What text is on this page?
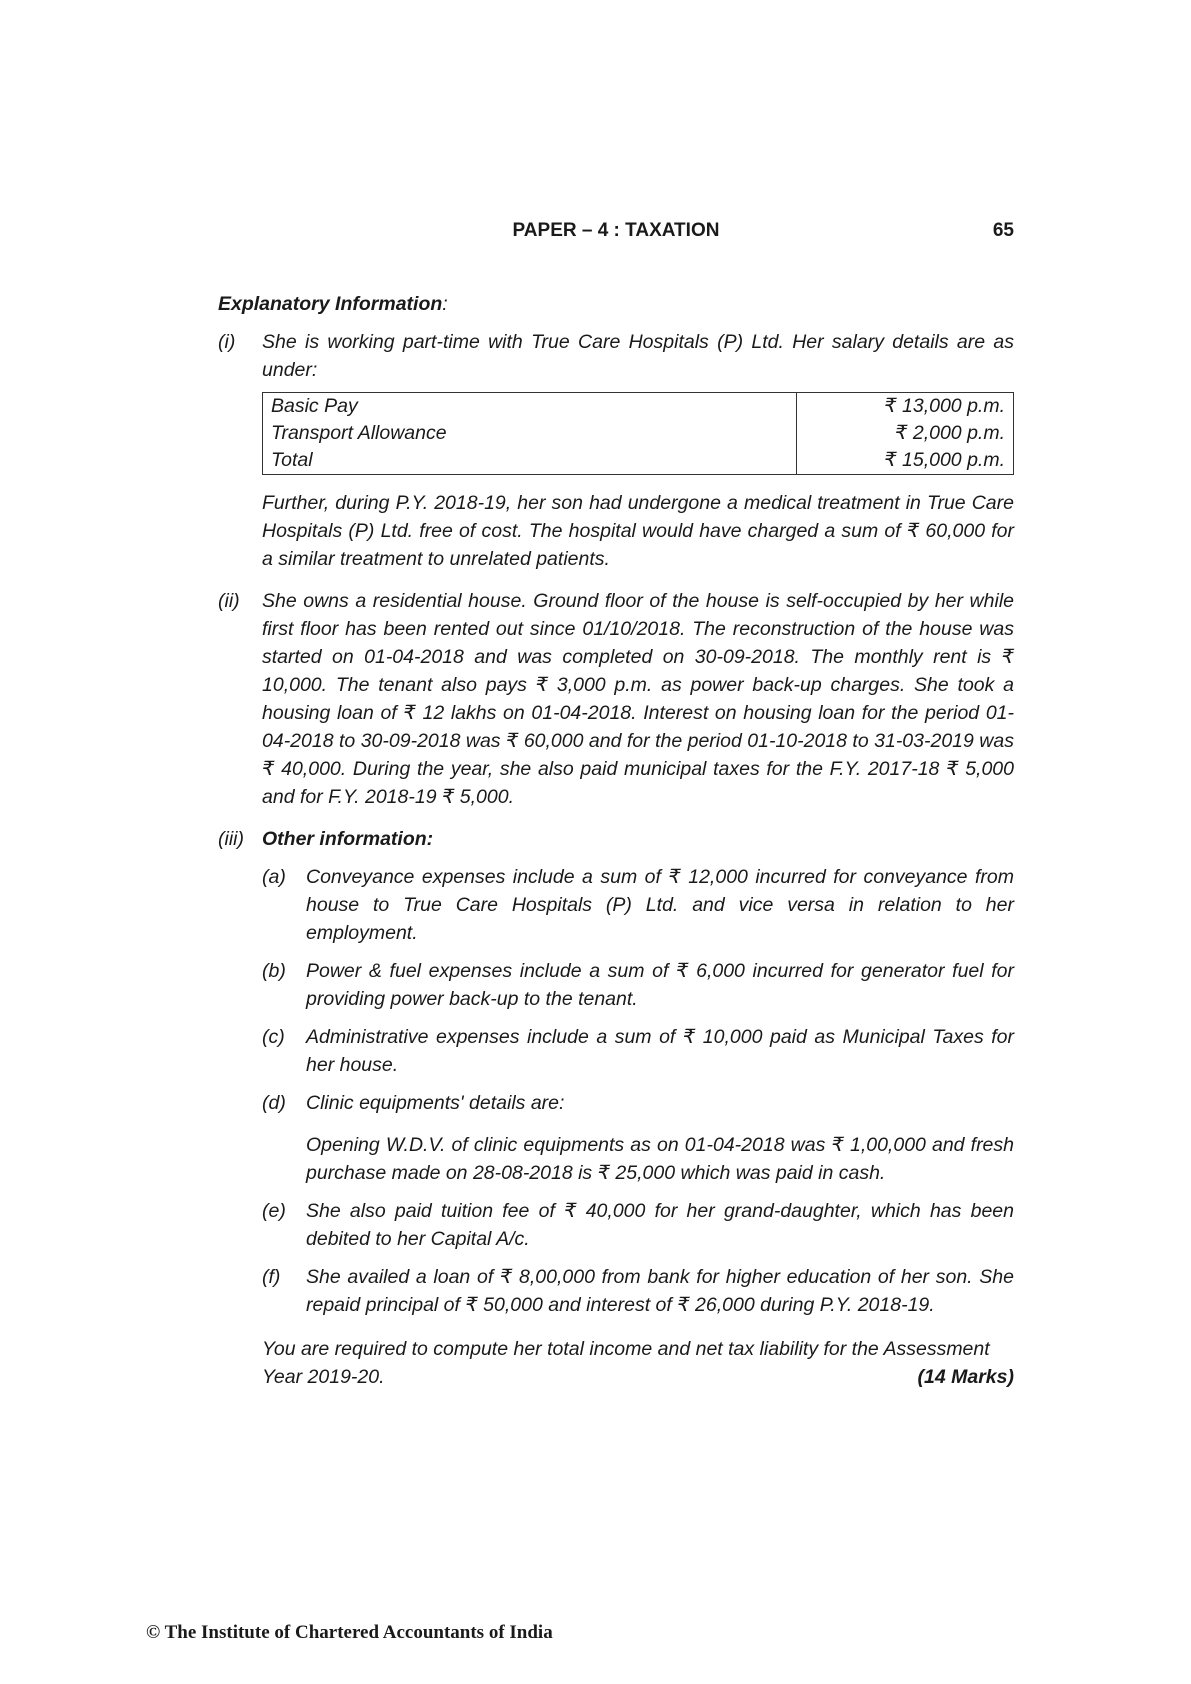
PAPER – 4 : TAXATION	65
Explanatory Information:
(i)	She is working part-time with True Care Hospitals (P) Ltd. Her salary details are as under:
Basic Pay	₹ 13,000 p.m.
Transport Allowance	₹ 2,000 p.m.
Total	₹ 15,000 p.m.
Further, during P.Y. 2018-19, her son had undergone a medical treatment in True Care Hospitals (P) Ltd. free of cost. The hospital would have charged a sum of ₹ 60,000 for a similar treatment to unrelated patients.
(ii)	She owns a residential house. Ground floor of the house is self-occupied by her while first floor has been rented out since 01/10/2018. The reconstruction of the house was started on 01-04-2018 and was completed on 30-09-2018. The monthly rent is ₹ 10,000. The tenant also pays ₹ 3,000 p.m. as power back-up charges. She took a housing loan of ₹ 12 lakhs on 01-04-2018. Interest on housing loan for the period 01-04-2018 to 30-09-2018 was ₹ 60,000 and for the period 01-10-2018 to 31-03-2019 was ₹ 40,000. During the year, she also paid municipal taxes for the F.Y. 2017-18 ₹ 5,000 and for F.Y. 2018-19 ₹ 5,000.
(iii) Other information:
(a)	Conveyance expenses include a sum of ₹ 12,000 incurred for conveyance from house to True Care Hospitals (P) Ltd. and vice versa in relation to her employment.
(b)	Power & fuel expenses include a sum of ₹ 6,000 incurred for generator fuel for providing power back-up to the tenant.
(c)	Administrative expenses include a sum of ₹ 10,000 paid as Municipal Taxes for her house.
(d)	Clinic equipments' details are:
Opening W.D.V. of clinic equipments as on 01-04-2018 was ₹ 1,00,000 and fresh purchase made on 28-08-2018 is ₹ 25,000 which was paid in cash.
(e)	She also paid tuition fee of ₹ 40,000 for her grand-daughter, which has been debited to her Capital A/c.
(f)	She availed a loan of ₹ 8,00,000 from bank for higher education of her son. She repaid principal of ₹ 50,000 and interest of ₹ 26,000 during P.Y. 2018-19.
You are required to compute her total income and net tax liability for the Assessment
Year 2019-20.	(14 Marks)
© The Institute of Chartered Accountants of India
